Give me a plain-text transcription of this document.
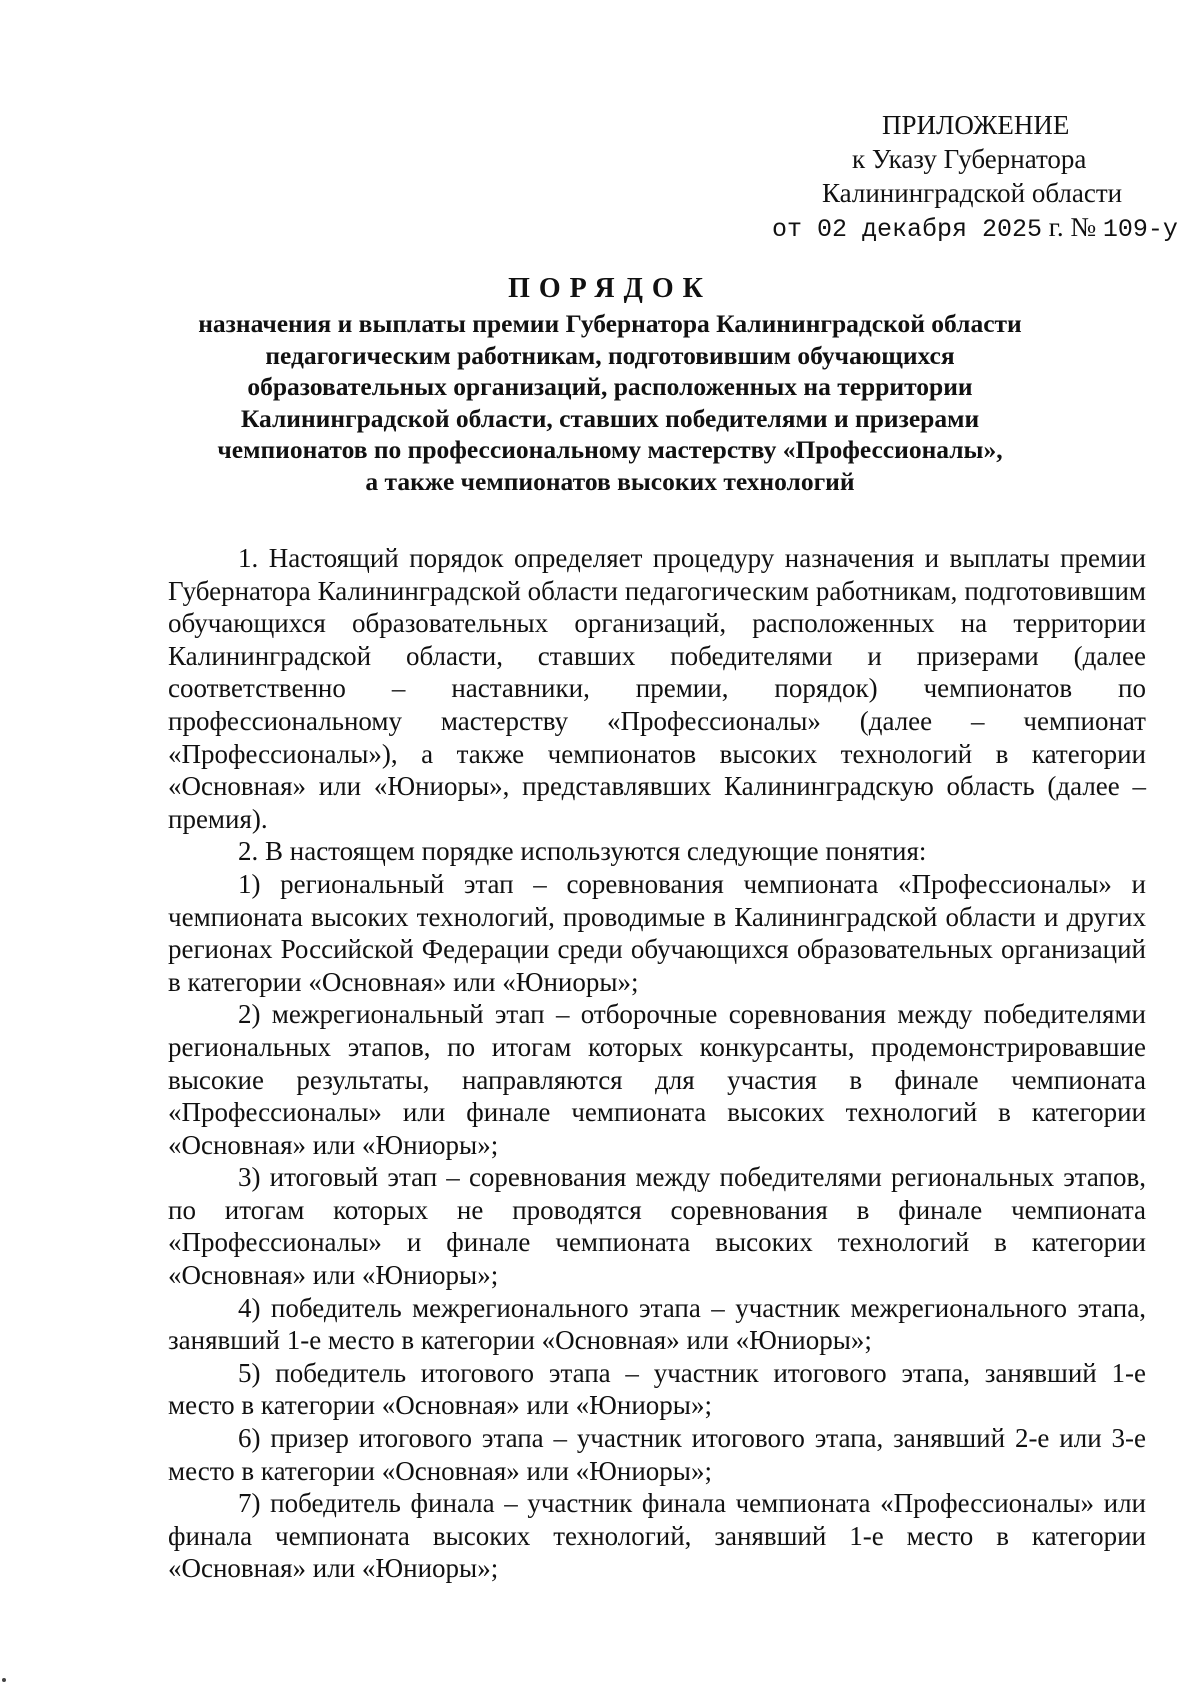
ПРИЛОЖЕНИЕ
к Указу Губернатора
Калининградской области
от 02 декабря 2025 г. № 109-у
ПОРЯДОК
назначения и выплаты премии Губернатора Калининградской области
педагогическим работникам, подготовившим обучающихся
образовательных организаций, расположенных на территории
Калининградской области, ставших победителями и призерами
чемпионатов по профессиональному мастерству «Профессионалы»,
а также чемпионатов высоких технологий

1. Настоящий порядок определяет процедуру назначения и выплаты премии Губернатора Калининградской области педагогическим работникам, подготовившим обучающихся образовательных организаций, расположенных на территории Калининградской области, ставших победителями и призерами (далее соответственно – наставники, премии, порядок) чемпионатов по профессиональному мастерству «Профессионалы» (далее – чемпионат «Профессионалы»), а также чемпионатов высоких технологий в категории «Основная» или «Юниоры», представлявших Калининградскую область (далее – премия).

2. В настоящем порядке используются следующие понятия:

1) региональный этап – соревнования чемпионата «Профессионалы» и чемпионата высоких технологий, проводимые в Калининградской области и других регионах Российской Федерации среди обучающихся образовательных организаций в категории «Основная» или «Юниоры»;

2) межрегиональный этап – отборочные соревнования между победителями региональных этапов, по итогам которых конкурсанты, продемонстрировавшие высокие результаты, направляются для участия в финале чемпионата «Профессионалы» или финале чемпионата высоких технологий в категории «Основная» или «Юниоры»;

3) итоговый этап – соревнования между победителями региональных этапов, по итогам которых не проводятся соревнования в финале чемпионата «Профессионалы» и финале чемпионата высоких технологий в категории «Основная» или «Юниоры»;

4) победитель межрегионального этапа – участник межрегионального этапа, занявший 1-е место в категории «Основная» или «Юниоры»;

5) победитель итогового этапа – участник итогового этапа, занявший 1-е место в категории «Основная» или «Юниоры»;

6) призер итогового этапа – участник итогового этапа, занявший 2-е или 3-е место в категории «Основная» или «Юниоры»;

7) победитель финала – участник финала чемпионата «Профессионалы» или финала чемпионата высоких технологий, занявший 1-е место в категории «Основная» или «Юниоры»;
